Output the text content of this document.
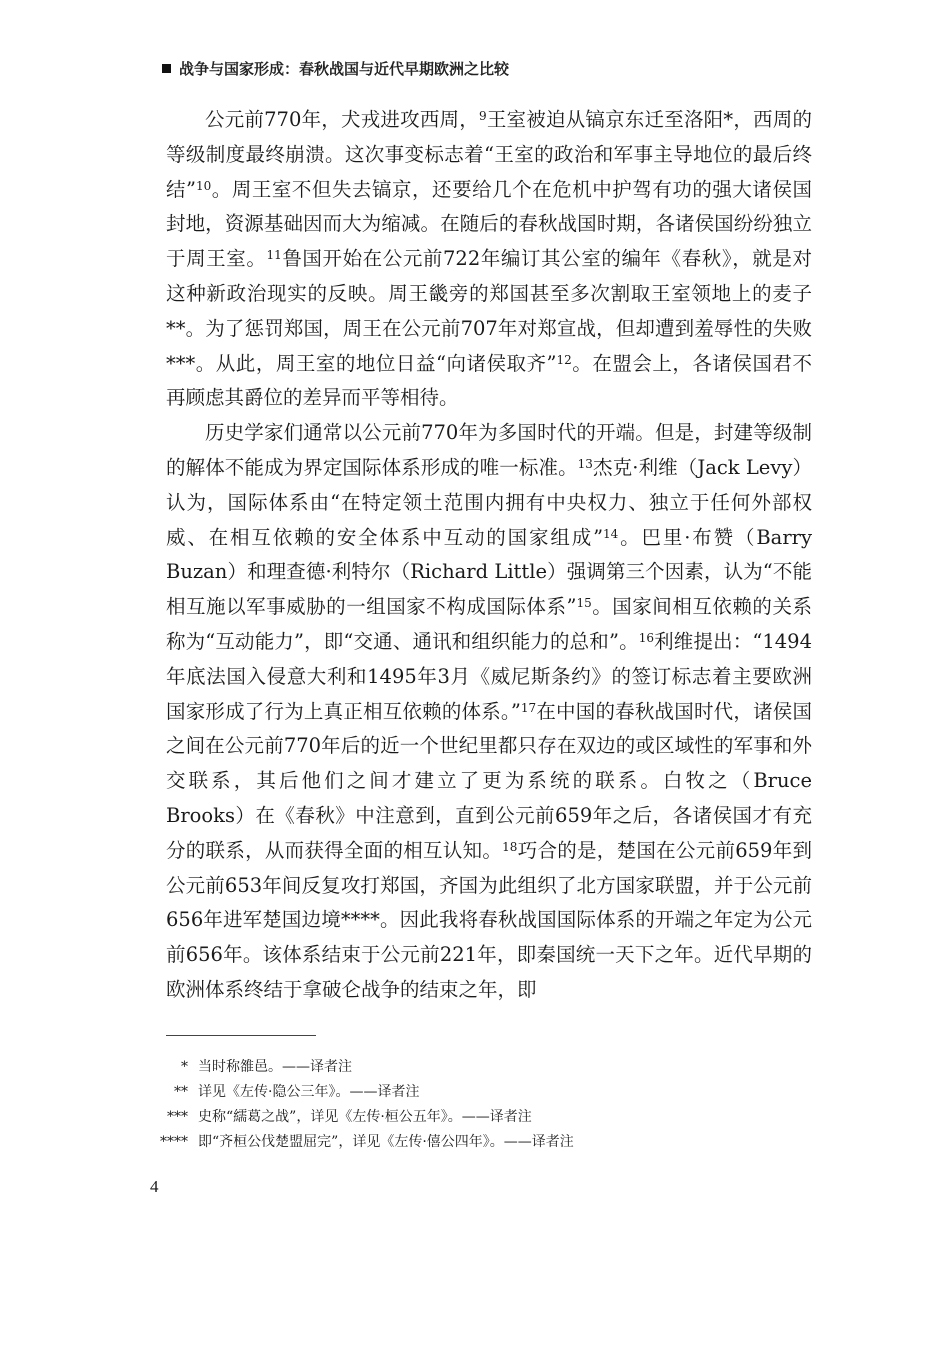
战争与国家形成：春秋战国与近代早期欧洲之比较

公元前770年，犬戎进攻西周，$^9$王室被迫从镐京东迁至洛阳*，西周的等级制度最终崩溃。这次事变标志着“王室的政治和军事主导地位的最后终结”$^{10}$。周王室不但失去镐京，还要给几个在危机中护驾有功的强大诸侯国封地，资源基础因而大为缩减。在随后的春秋战国时期，各诸侯国纷纷独立于周王室。$^{11}$鲁国开始在公元前722年编订其公室的编年《春秋》，就是对这种新政治现实的反映。周王畿旁的郑国甚至多次割取王室领地上的麦子**。为了惩罚郑国，周王在公元前707年对郑宣战，但却遭到羞辱性的失败***。从此，周王室的地位日益“向诸侯取齐”$^{12}$。在盟会上，各诸侯国君不再顾虑其爵位的差异而平等相待。

历史学家们通常以公元前770年为多国时代的开端。但是，封建等级制的解体不能成为界定国际体系形成的唯一标准。$^{13}$杰克·利维（Jack Levy）认为，国际体系由“在特定领土范围内拥有中央权力、独立于任何外部权威、在相互依赖的安全体系中互动的国家组成”$^{14}$。巴里·布赞（Barry Buzan）和理查德·利特尔（Richard Little）强调第三个因素，认为“不能相互施以军事威胁的一组国家不构成国际体系”$^{15}$。国家间相互依赖的关系称为“互动能力”，即“交通、通讯和组织能力的总和”。$^{16}$利维提出：“1494年底法国入侵意大利和1495年3月《威尼斯条约》的签订标志着主要欧洲国家形成了行为上真正相互依赖的体系。”$^{17}$在中国的春秋战国时代，诸侯国之间在公元前770年后的近一个世纪里都只存在双边的或区域性的军事和外交联系，其后他们之间才建立了更为系统的联系。白牧之（Bruce Brooks）在《春秋》中注意到，直到公元前659年之后，各诸侯国才有充分的联系，从而获得全面的相互认知。$^{18}$巧合的是，楚国在公元前659年到公元前653年间反复攻打郑国，齐国为此组织了北方国家联盟，并于公元前656年进军楚国边境****。因此我将春秋战国国际体系的开端之年定为公元前656年。该体系结束于公元前221年，即秦国统一天下之年。近代早期的欧洲体系终结于拿破仑战争的结束之年，即

* 当时称雒邑。——译者注
** 详见《左传·隐公三年》。——译者注
*** 史称“繻葛之战”，详见《左传·桓公五年》。——译者注
**** 即“齐桓公伐楚盟屈完”，详见《左传·僖公四年》。——译者注
4
